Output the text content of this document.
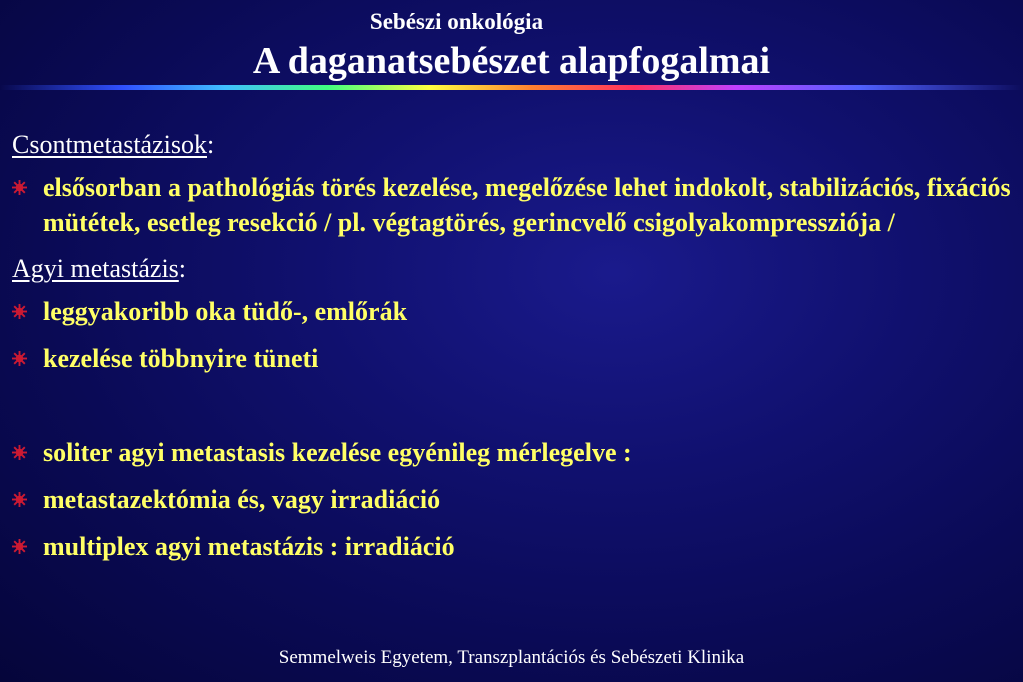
Sebészi onkológia
A daganatsebészet alapfogalmai
Csontmetastázisok:
elsősorban a pathológiás törés kezelése, megelőzése lehet indokolt, stabilizációs, fixációs mütétek, esetleg resekció / pl. végtagtörés, gerincvelő csigolyakompressziója /
Agyi metastázis:
leggyakoribb oka tüdő-, emlőrák
kezelése többnyire tüneti
soliter agyi metastasis kezelése egyénileg mérlegelve :
metastazektómia és, vagy irradiáció
multiplex agyi metastázis : irradiáció
Semmelweis Egyetem, Transzplantációs és Sebészeti Klinika
